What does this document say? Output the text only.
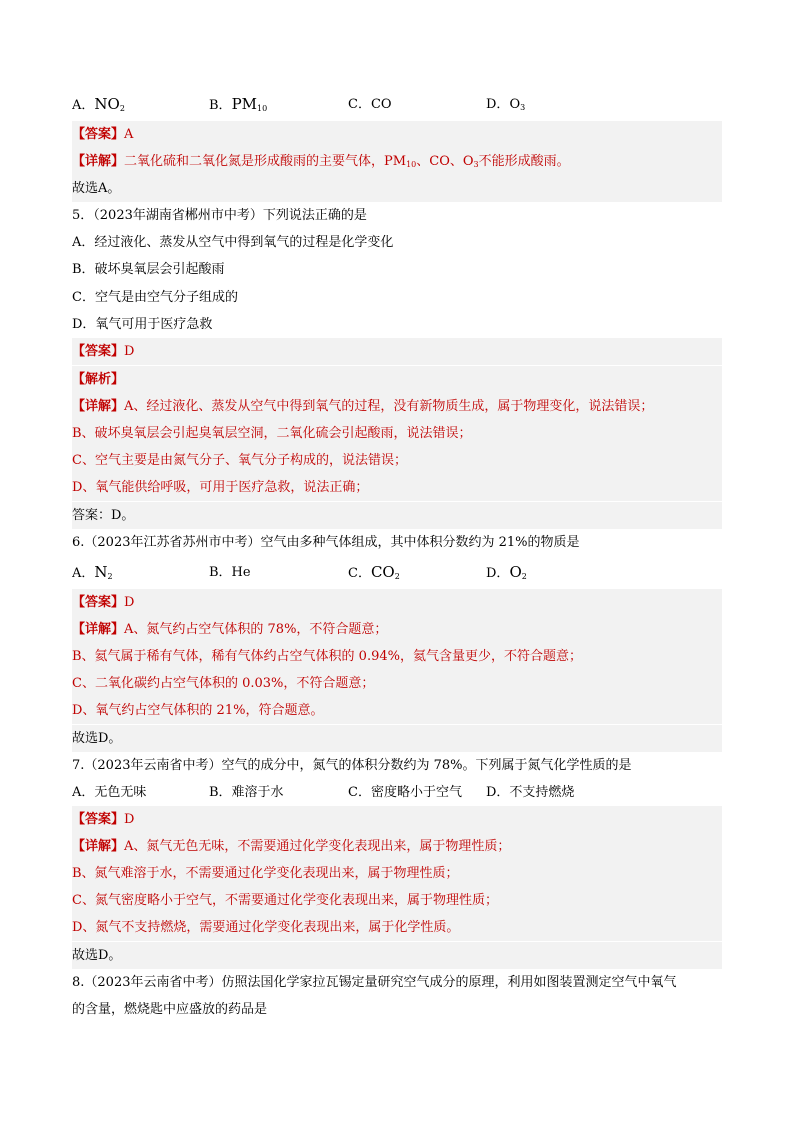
A．$NO_2$	B．$PM_{10}$	C．CO	D．$O_3$
【答案】A
【详解】二氧化硫和二氧化氮是形成酸雨的主要气体，$PM_{10}$、CO、$O_3$不能形成酸雨。
故选A。
5．（2023年湖南省郴州市中考）下列说法正确的是
A．经过液化、蒸发从空气中得到氧气的过程是化学变化
B．破坏臭氧层会引起酸雨
C．空气是由空气分子组成的
D．氧气可用于医疗急救
【答案】D
【解析】
【详解】A、经过液化、蒸发从空气中得到氧气的过程，没有新物质生成，属于物理变化，说法错误；
B、破坏臭氧层会引起臭氧层空洞，二氧化硫会引起酸雨，说法错误；
C、空气主要是由氮气分子、氧气分子构成的，说法错误；
D、氧气能供给呼吸，可用于医疗急救，说法正确；
答案：D。
6.（2023年江苏省苏州市中考）空气由多种气体组成，其中体积分数约为 21%的物质是
A．$N_2$	B．He	C．$CO_2$	D．$O_2$
【答案】D
【详解】A、氮气约占空气体积的 78%，不符合题意；
B、氦气属于稀有气体，稀有气体约占空气体积的 0.94%，氦气含量更少，不符合题意；
C、二氧化碳约占空气体积的 0.03%，不符合题意；
D、氧气约占空气体积的 21%，符合题意。
故选D。
7.（2023年云南省中考）空气的成分中，氮气的体积分数约为 78%。下列属于氮气化学性质的是
A．无色无味	B．难溶于水	C．密度略小于空气 D．不支持燃烧
【答案】D
【详解】A、氮气无色无味，不需要通过化学变化表现出来，属于物理性质；
B、氮气难溶于水，不需要通过化学变化表现出来，属于物理性质；
C、氮气密度略小于空气，不需要通过化学变化表现出来，属于物理性质；
D、氮气不支持燃烧，需要通过化学变化表现出来，属于化学性质。
故选D。
8.（2023年云南省中考）仿照法国化学家拉瓦锡定量研究空气成分的原理，利用如图装置测定空气中氧气
的含量，燃烧匙中应盛放的药品是
